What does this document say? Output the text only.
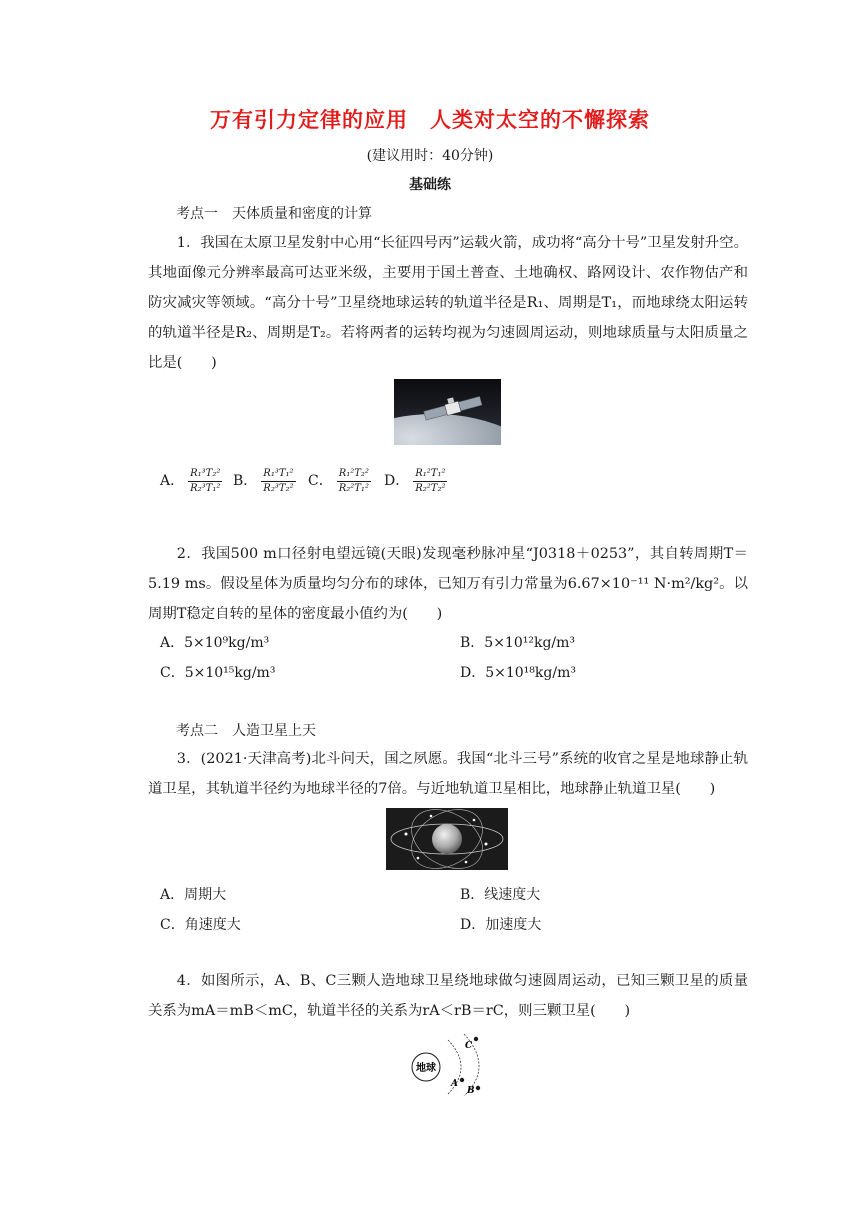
万有引力定律的应用　人类对太空的不懈探索
(建议用时：40分钟)
基础练
考点一　天体质量和密度的计算

1．我国在太原卫星发射中心用“长征四号丙”运载火箭，成功将“高分十号”卫星发射升空。其地面像元分辨率最高可达亚米级，主要用于国土普查、土地确权、路网设计、农作物估产和防灾减灾等领域。“高分十号”卫星绕地球运转的轨道半径是R₁、周期是T₁，而地球绕太阳运转的轨道半径是R₂、周期是T₂。若将两者的运转均视为匀速圆周运动，则地球质量与太阳质量之比是(　　)

A． $\frac{\text{R₁³T₂²}}{\text{R₂³T₁²}}$ B． $\frac{\text{R₁³T₁²}}{\text{R₂³T₂²}}$ C． $\frac{\text{R₁²T₂²}}{\text{R₂²T₁²}}$ D． $\frac{\text{R₁²T₁²}}{\text{R₂²T₂²}}$

2．我国500 m口径射电望远镜(天眼)发现毫秒脉冲星“J0318＋0253”，其自转周期T＝5.19 ms。假设星体为质量均匀分布的球体，已知万有引力常量为6.67×10⁻¹¹ N·m²/kg²。以周期T稳定自转的星体的密度最小值约为(　　)

A．5×10⁹kg/m³	B．5×10¹²kg/m³
C．5×10¹⁵kg/m³	D．5×10¹⁸kg/m³
考点二　人造卫星上天

3．(2021·天津高考)北斗问天，国之夙愿。我国“北斗三号”系统的收官之星是地球静止轨道卫星，其轨道半径约为地球半径的7倍。与近地轨道卫星相比，地球静止轨道卫星(　　)

A．周期大	B．线速度大
C．角速度大	D．加速度大

4．如图所示，A、B、C三颗人造地球卫星绕地球做匀速圆周运动，已知三颗卫星的质量关系为mA＝mB＜mC，轨道半径的关系为rA＜rB＝rC，则三颗卫星(　　)

地球
A
B
C
